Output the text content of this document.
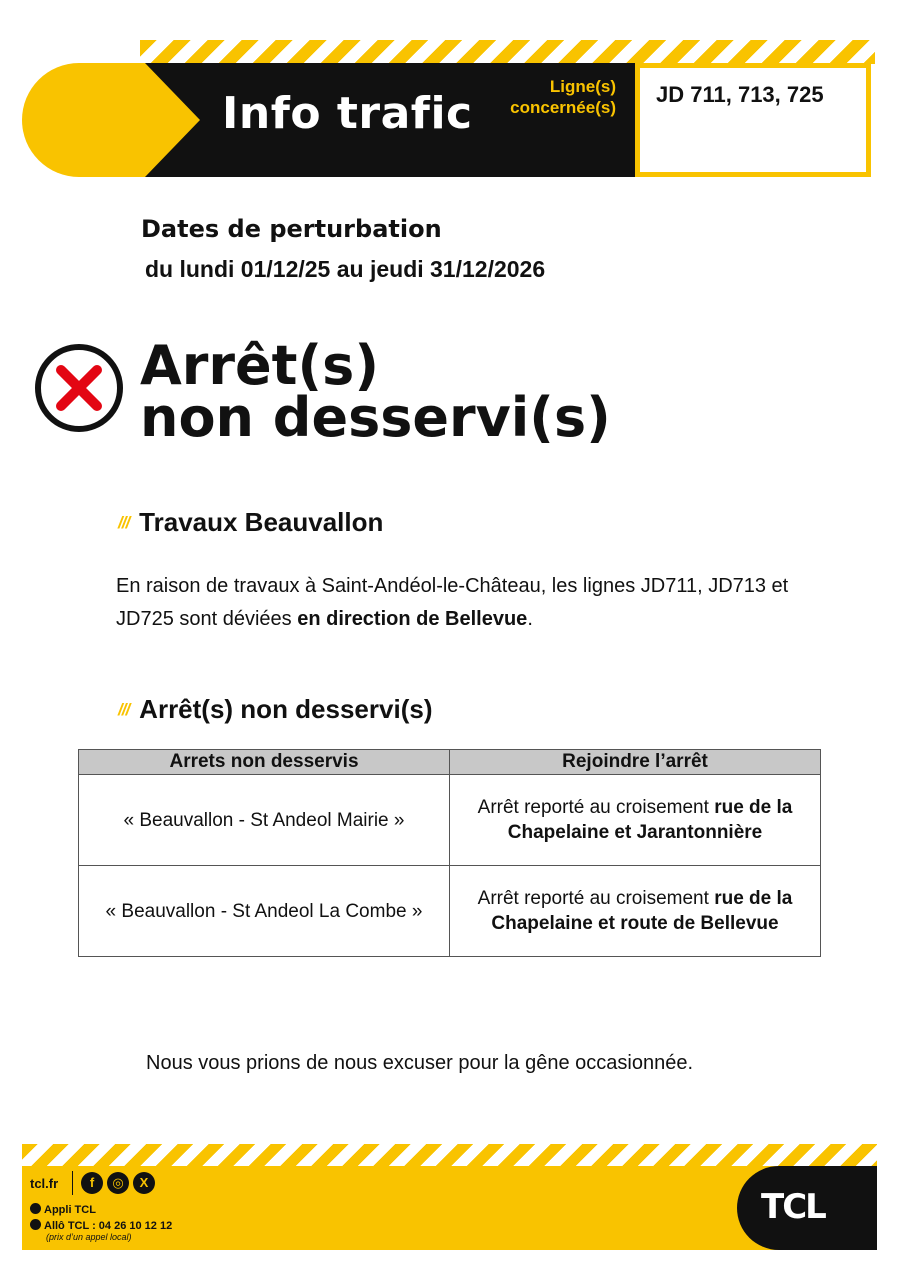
Info trafic
Ligne(s)
concernée(s)
JD 711, 713, 725
Dates de perturbation
du lundi 01/12/25 au jeudi 31/12/2026
Arrêt(s)
non desservi(s)
/// Travaux Beauvallon
En raison de travaux à Saint-Andéol-le-Château, les lignes JD711, JD713 et JD725 sont déviées en direction de Bellevue.
/// Arrêt(s) non desservi(s)
Arrets non desservis	Rejoindre l’arrêt
« Beauvallon - St Andeol Mairie »	Arrêt reporté au croisement rue de la Chapelaine et Jarantonnière
« Beauvallon - St Andeol La Combe »	Arrêt reporté au croisement rue de la Chapelaine et route de Bellevue
Nous vous prions de nous excuser pour la gêne occasionnée.
TCL
tcl.fr	f	◎	X
Appli TCL
Allô TCL : 04 26 10 12 12
(prix d’un appel local)
